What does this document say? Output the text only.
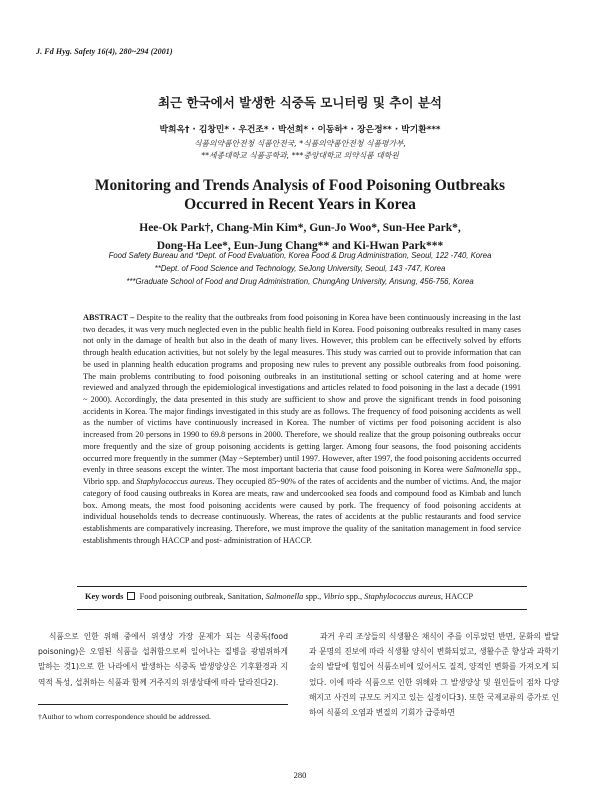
J. Fd Hyg. Safety 16(4), 280~294 (2001)
최근 한국에서 발생한 식중독 모니터링 및 추이 분석
박희옥† · 김창민* · 우건조* · 박선희* · 이동하* · 장은정** · 박기환***
식품의약품안전청 식품안전국, *식품의약품안전청 식품평가부,
**세종대학교 식품공학과, ***중앙대학교 의약식품 대학원
Monitoring and Trends Analysis of Food Poisoning Outbreaks
Occurred in Recent Years in Korea
Hee-Ok Park†, Chang-Min Kim*, Gun-Jo Woo*, Sun-Hee Park*,
Dong-Ha Lee*, Eun-Jung Chang** and Ki-Hwan Park***
Food Safety Bureau and *Dept. of Food Evaluation, Korea Food & Drug Administration, Seoul, 122 -740, Korea
**Dept. of Food Science and Technology, SeJong University, Seoul, 143 -747, Korea
***Graduate School of Food and Drug Administration, ChungAng University, Ansung, 456-756, Korea
ABSTRACT – Despite to the reality that the outbreaks from food poisoning in Korea have been continuously increasing in the last two decades, it was very much neglected even in the public health field in Korea. Food poisoning outbreaks resulted in many cases not only in the damage of health but also in the death of many lives. However, this problem can be effectively solved by efforts through health education activities, but not solely by the legal measures. This study was carried out to provide information that can be used in planning health education programs and proposing new rules to prevent any possible outbreaks from food poisoning. The main problems contributing to food poisoning outbreaks in an institutional setting or school catering and at home were reviewed and analyzed through the epidemiological investigations and articles related to food poisoning in the last a decade (1991 ~ 2000). Accordingly, the data presented in this study are sufficient to show and prove the significant trends in food poisoning accidents in Korea. The major findings investigated in this study are as follows. The frequency of food poisoning accidents as well as the number of victims have continuously increased in Korea. The number of victims per food poisoning accident is also increased from 20 persons in 1990 to 69.8 persons in 2000. Therefore, we should realize that the group poisoning outbreaks occur more frequently and the size of group poisoning accidents is getting larger. Among four seasons, the food poisoning accidents occurred more frequently in the summer (May ~September) until 1997. However, after 1997, the food poisoning accidents occurred evenly in three seasons except the winter. The most important bacteria that cause food poisoning in Korea were Salmonella spp., Vibrio spp. and Staphylococcus aureus. They occupied 85~90% of the rates of accidents and the number of victims. And, the major category of food causing outbreaks in Korea are meats, raw and undercooked sea foods and compound food as Kimbab and lunch box. Among meats, the most food poisoning accidents were caused by pork. The frequency of food poisoning accidents at individual households tends to decrease continuously. Whereas, the rates of accidents at the public restaurants and food service establishments are comparatively increasing. Therefore, we must improve the quality of the sanitation management in food service establishments through HACCP and post- administration of HACCP.
Key words  Food poisoning outbreak, Sanitation, Salmonella spp., Vibrio spp., Staphylococcus aureus, HACCP

식품으로 인한 위해 중에서 위생상 가장 문제가 되는 식중독(food poisoning)은 오염된 식품을 섭취함으로써 일어나는 질병을 광범위하게 말하는 것1)으로 한 나라에서 발생하는 식중독 발생양상은 기후환경과 지역적 특성, 섭취하는 식품과 함께 거주지의 위생상태에 따라 달라진다2).

과거 우리 조상들의 식생활은 채식이 주를 이루었던 반면, 문화의 발달과 문명의 진보에 따라 식생활 양식이 변화되었고, 생활수준 향상과 과학기술의 발달에 힘입어 식품소비에 있어서도 질적, 양적인 변화를 가져오게 되었다. 이에 따라 식품으로 인한 위해와 그 발생양상 및 원인들이 점차 다양해지고 사건의 규모도 커지고 있는 실정이다3). 또한 국제교류의 증가로 인하여 식품의 오염과 변질의 기회가 급증하면

†Author to whom correspondence should be addressed.
280
